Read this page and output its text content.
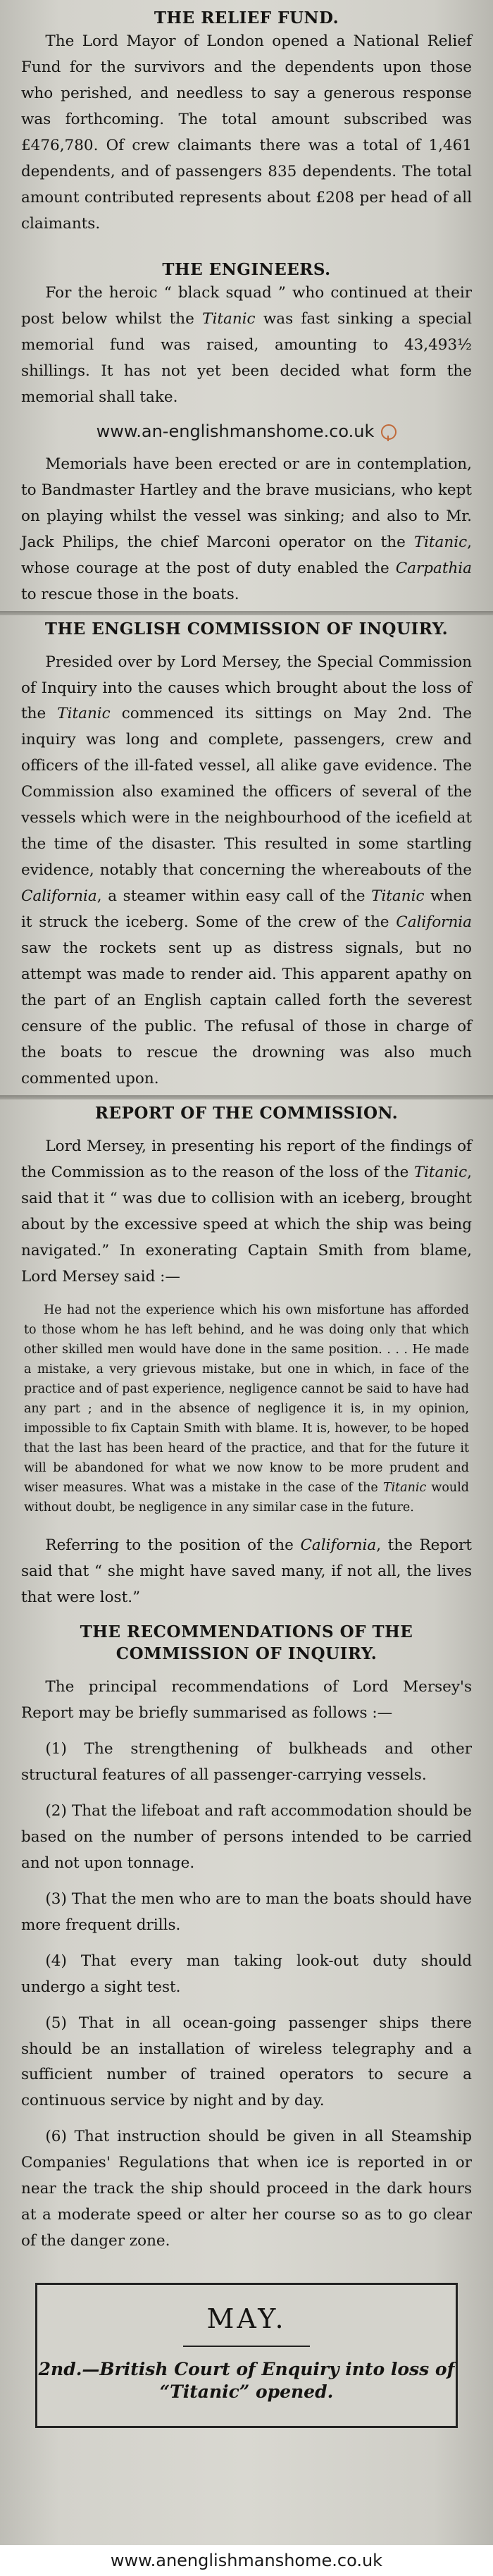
THE RELIEF FUND.

The Lord Mayor of London opened a National Relief Fund for the survivors and the dependents upon those who perished, and needless to say a generous response was forthcoming. The total amount subscribed was £476,780. Of crew claimants there was a total of 1,461 dependents, and of passengers 835 dependents. The total amount contributed represents about £208 per head of all claimants.

THE ENGINEERS.

For the heroic “ black squad ” who continued at their post below whilst the Titanic was fast sinking a special memorial fund was raised, amounting to 43,493½ shillings. It has not yet been decided what form the memorial shall take.

www.an-englishmanshome.co.uk

Memorials have been erected or are in contemplation, to Bandmaster Hartley and the brave musicians, who kept on playing whilst the vessel was sinking; and also to Mr. Jack Philips, the chief Marconi operator on the Titanic, whose courage at the post of duty enabled the Carpathia to rescue those in the boats.

THE ENGLISH COMMISSION OF INQUIRY.

Presided over by Lord Mersey, the Special Commission of Inquiry into the causes which brought about the loss of the Titanic commenced its sittings on May 2nd. The inquiry was long and complete, passengers, crew and officers of the ill-fated vessel, all alike gave evidence. The Commission also examined the officers of several of the vessels which were in the neighbourhood of the icefield at the time of the disaster. This resulted in some startling evidence, notably that concerning the whereabouts of the California, a steamer within easy call of the Titanic when it struck the iceberg. Some of the crew of the California saw the rockets sent up as distress signals, but no attempt was made to render aid. This apparent apathy on the part of an English captain called forth the severest censure of the public. The refusal of those in charge of the boats to rescue the drowning was also much commented upon.

REPORT OF THE COMMISSION.

Lord Mersey, in presenting his report of the findings of the Commission as to the reason of the loss of the Titanic, said that it “ was due to collision with an iceberg, brought about by the excessive speed at which the ship was being navigated.” In exonerating Captain Smith from blame, Lord Mersey said :—

He had not the experience which his own misfortune has afforded to those whom he has left behind, and he was doing only that which other skilled men would have done in the same position. . . . He made a mistake, a very grievous mistake, but one in which, in face of the practice and of past experience, negligence cannot be said to have had any part ; and in the absence of negligence it is, in my opinion, impossible to fix Captain Smith with blame. It is, however, to be hoped that the last has been heard of the practice, and that for the future it will be abandoned for what we now know to be more prudent and wiser measures. What was a mistake in the case of the Titanic would without doubt, be negligence in any similar case in the future.

Referring to the position of the California, the Report said that “ she might have saved many, if not all, the lives that were lost.”

THE RECOMMENDATIONS OF THE COMMISSION OF INQUIRY.

The principal recommendations of Lord Mersey's Report may be briefly summarised as follows :—

(1) The strengthening of bulkheads and other structural features of all passenger-carrying vessels.

(2) That the lifeboat and raft accommodation should be based on the number of persons intended to be carried and not upon tonnage.

(3) That the men who are to man the boats should have more frequent drills.

(4) That every man taking look-out duty should undergo a sight test.

(5) That in all ocean-going passenger ships there should be an installation of wireless telegraphy and a sufficient number of trained operators to secure a continuous service by night and by day.

(6) That instruction should be given in all Steamship Companies' Regulations that when ice is reported in or near the track the ship should proceed in the dark hours at a moderate speed or alter her course so as to go clear of the danger zone.

MAY.
2nd.—British Court of Enquiry into loss of “Titanic” opened.
www.anenglishmanshome.co.uk
